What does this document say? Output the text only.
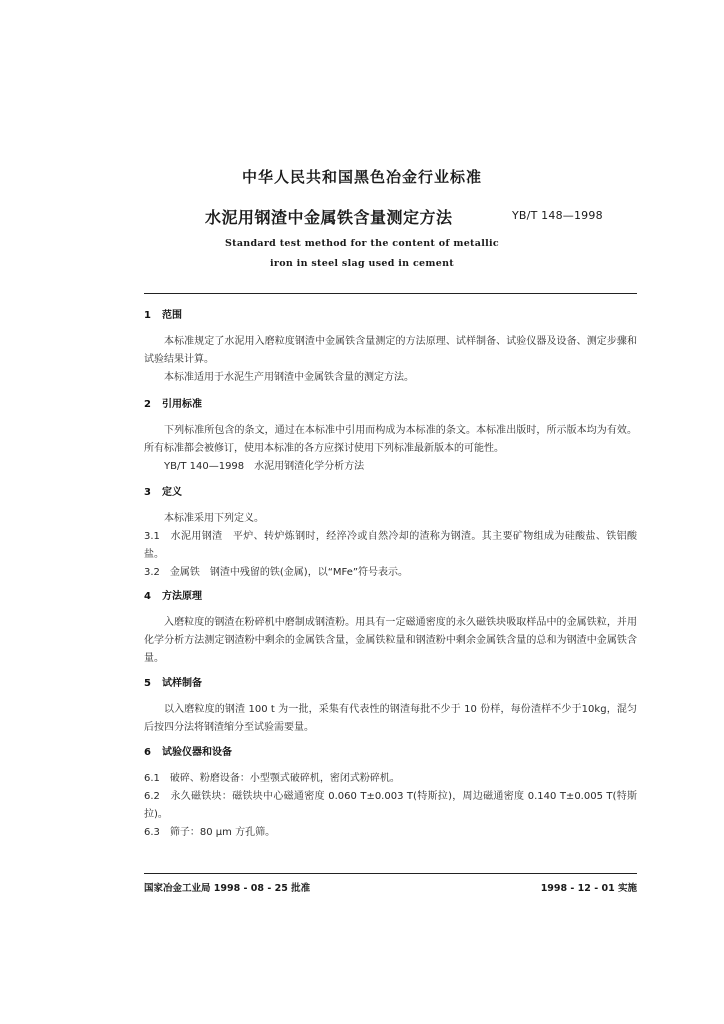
中华人民共和国黑色冶金行业标准
水泥用钢渣中金属铁含量测定方法	YB/T 148—1998
Standard test method for the content of metallic
iron in steel slag used in cement
1 范围
本标准规定了水泥用入磨粒度钢渣中金属铁含量测定的方法原理、试样制备、试验仪器及设备、测定步骤和试验结果计算。
本标准适用于水泥生产用钢渣中金属铁含量的测定方法。
2 引用标准
下列标准所包含的条文，通过在本标准中引用而构成为本标准的条文。本标准出版时，所示版本均为有效。所有标准都会被修订，使用本标准的各方应探讨使用下列标准最新版本的可能性。
YB/T 140—1998　水泥用钢渣化学分析方法
3 定义
本标准采用下列定义。
3.1　水泥用钢渣　平炉、转炉炼钢时，经淬冷或自然冷却的渣称为钢渣。其主要矿物组成为硅酸盐、铁铝酸盐。
3.2　金属铁　钢渣中残留的铁(金属)，以“MFe”符号表示。
4 方法原理
入磨粒度的钢渣在粉碎机中磨制成钢渣粉。用具有一定磁通密度的永久磁铁块吸取样品中的金属铁粒，并用化学分析方法测定钢渣粉中剩余的金属铁含量，金属铁粒量和钢渣粉中剩余金属铁含量的总和为钢渣中金属铁含量。
5 试样制备
以入磨粒度的钢渣 100 t 为一批，采集有代表性的钢渣每批不少于 10 份样，每份渣样不少于10kg，混匀后按四分法将钢渣缩分至试验需要量。
6 试验仪器和设备
6.1　破碎、粉磨设备：小型颚式破碎机，密闭式粉碎机。
6.2　永久磁铁块：磁铁块中心磁通密度 0.060 T±0.003 T(特斯拉)，周边磁通密度 0.140 T±0.005 T(特斯拉)。
6.3　筛子：80 μm 方孔筛。
国家冶金工业局 1998 - 08 - 25 批准	1998 - 12 - 01 实施
